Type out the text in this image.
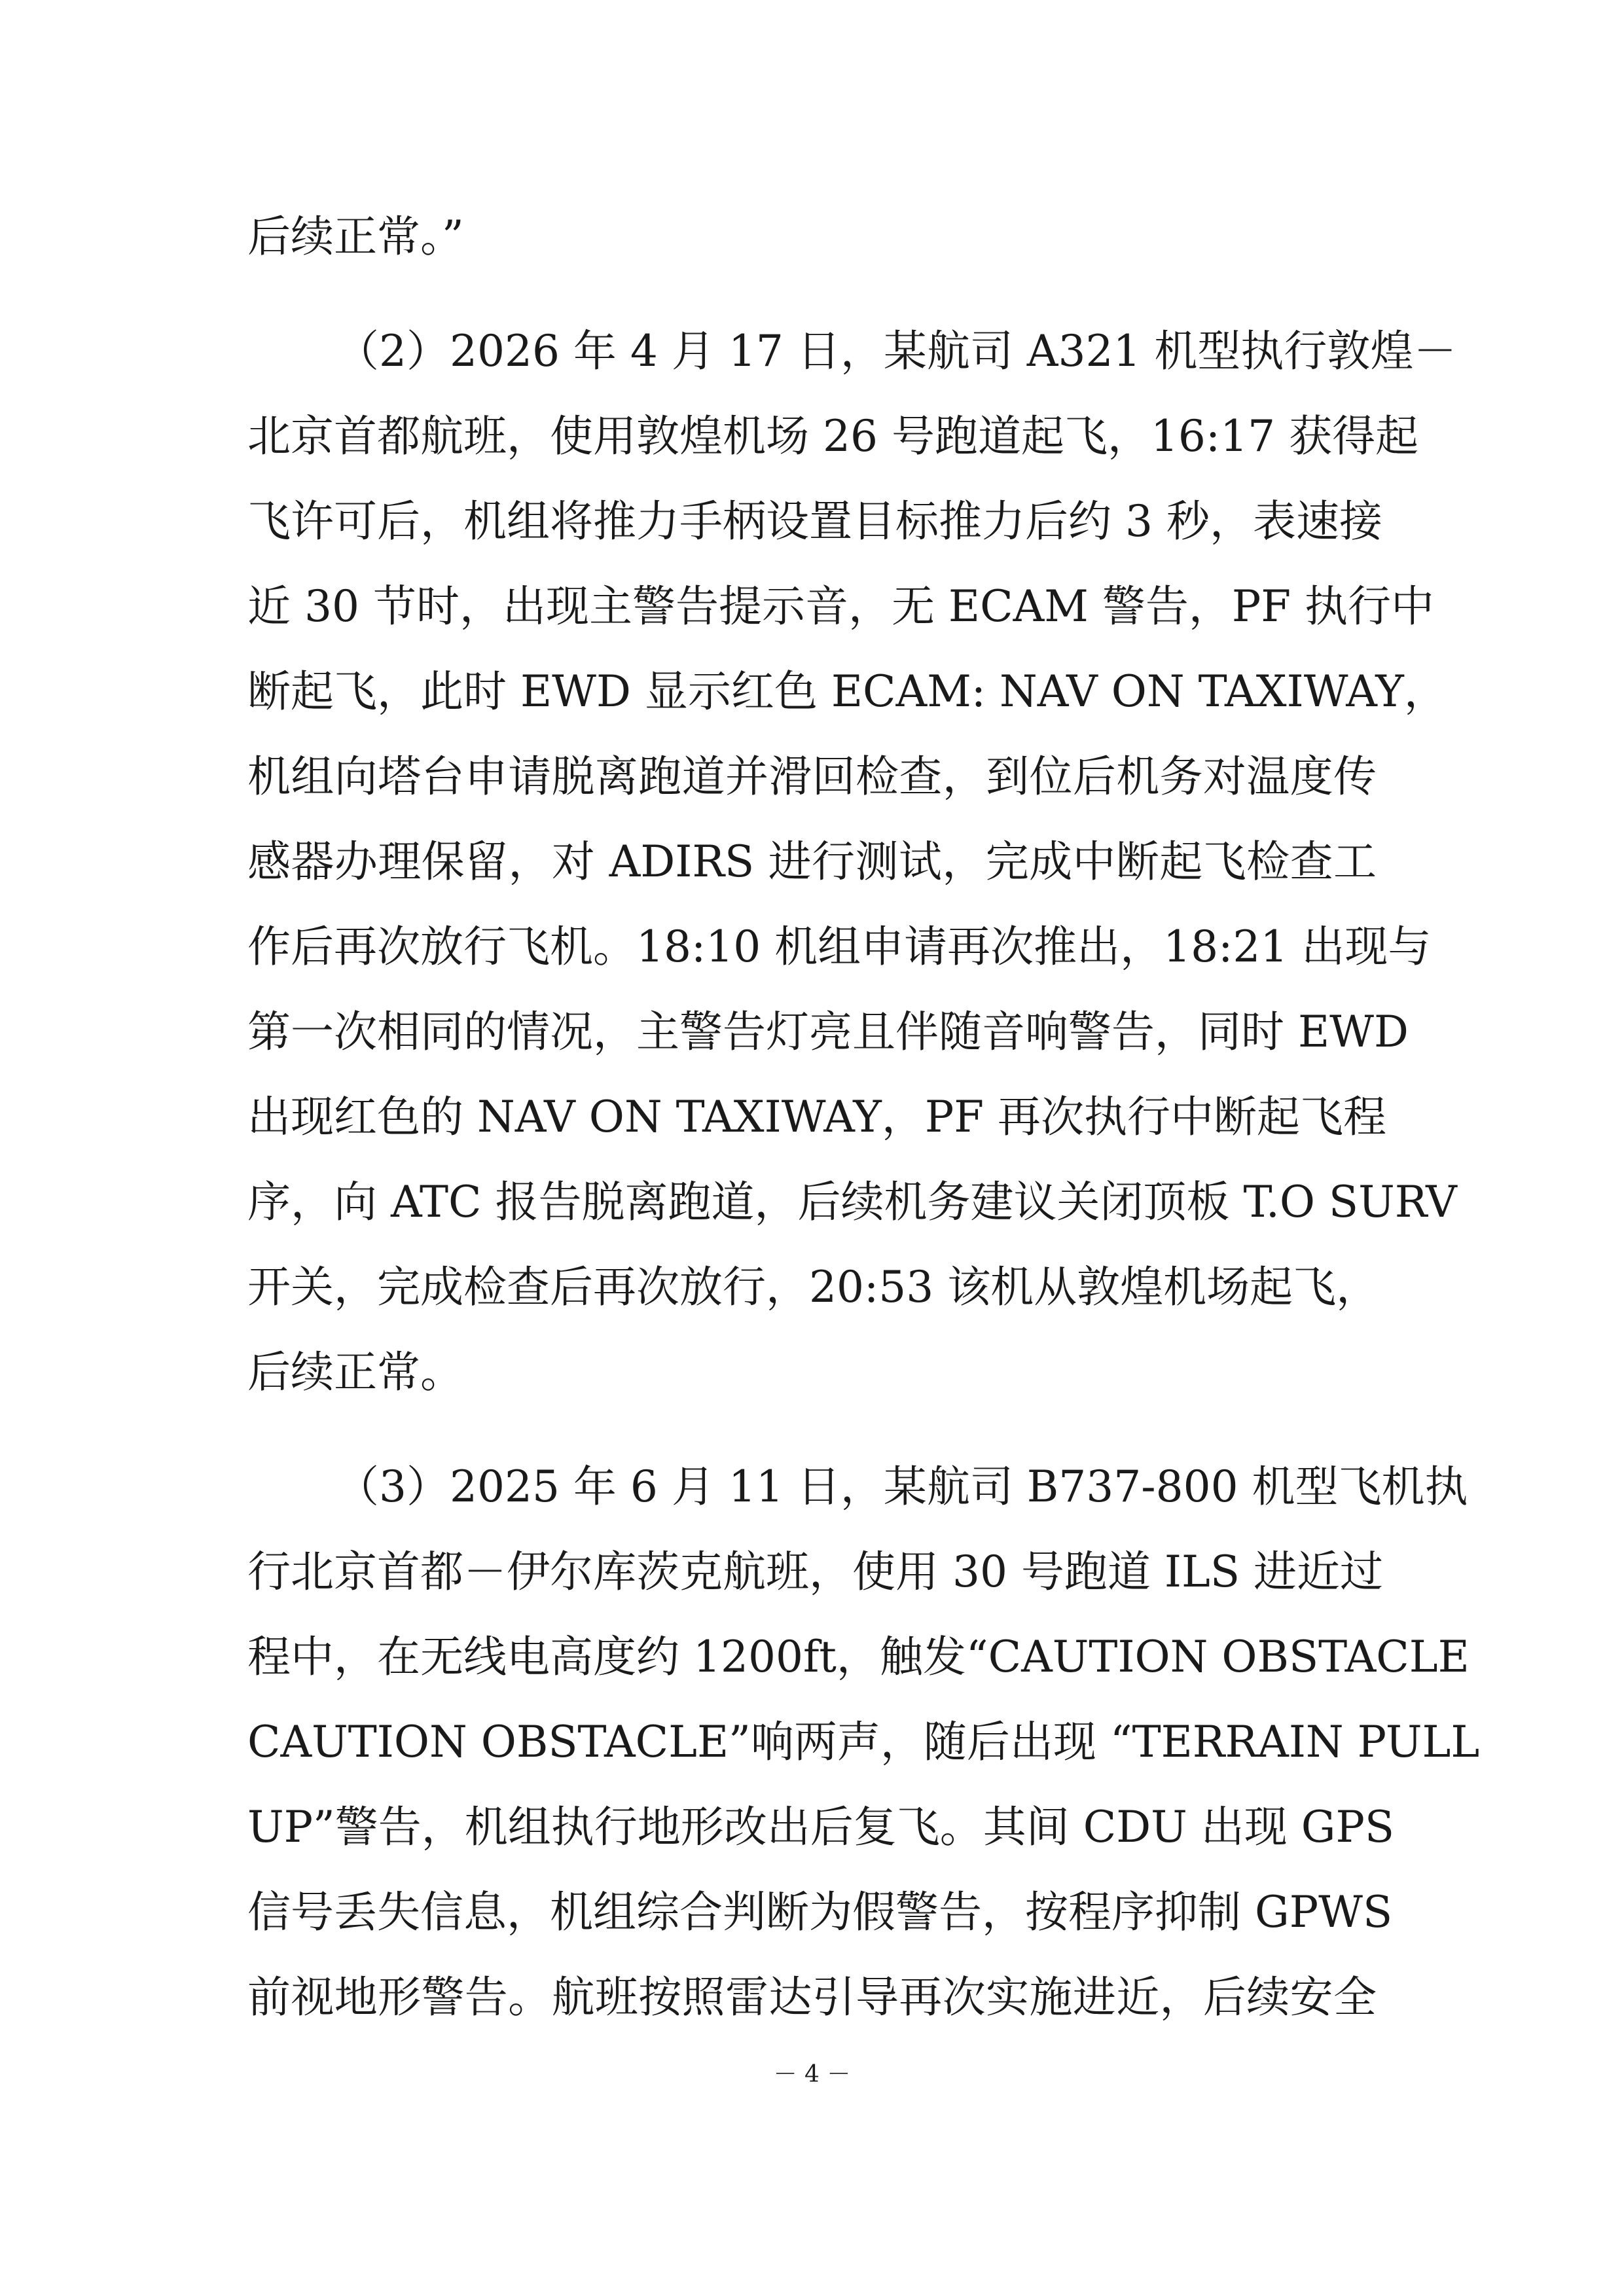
后续正常。”
（2）2026 年 4 月 17 日，某航司 A321 机型执行敦煌－
北京首都航班，使用敦煌机场 26 号跑道起飞，16:17 获得起
飞许可后，机组将推力手柄设置目标推力后约 3 秒，表速接
近 30 节时，出现主警告提示音，无 ECAM 警告，PF 执行中
断起飞，此时 EWD 显示红色 ECAM: NAV ON TAXIWAY，
机组向塔台申请脱离跑道并滑回检查，到位后机务对温度传
感器办理保留，对 ADIRS 进行测试，完成中断起飞检查工
作后再次放行飞机。18:10 机组申请再次推出，18:21 出现与
第一次相同的情况，主警告灯亮且伴随音响警告，同时 EWD
出现红色的 NAV ON TAXIWAY，PF 再次执行中断起飞程
序，向 ATC 报告脱离跑道，后续机务建议关闭顶板 T.O SURV
开关，完成检查后再次放行，20:53 该机从敦煌机场起飞，
后续正常。
（3）2025 年 6 月 11 日，某航司 B737-800 机型飞机执
行北京首都－伊尔库茨克航班，使用 30 号跑道 ILS 进近过
程中，在无线电高度约 1200ft，触发“CAUTION OBSTACLE
CAUTION OBSTACLE”响两声，随后出现 “TERRAIN PULL
UP”警告，机组执行地形改出后复飞。其间 CDU 出现 GPS
信号丢失信息，机组综合判断为假警告，按程序抑制 GPWS
前视地形警告。航班按照雷达引导再次实施进近，后续安全
－ 4 －
